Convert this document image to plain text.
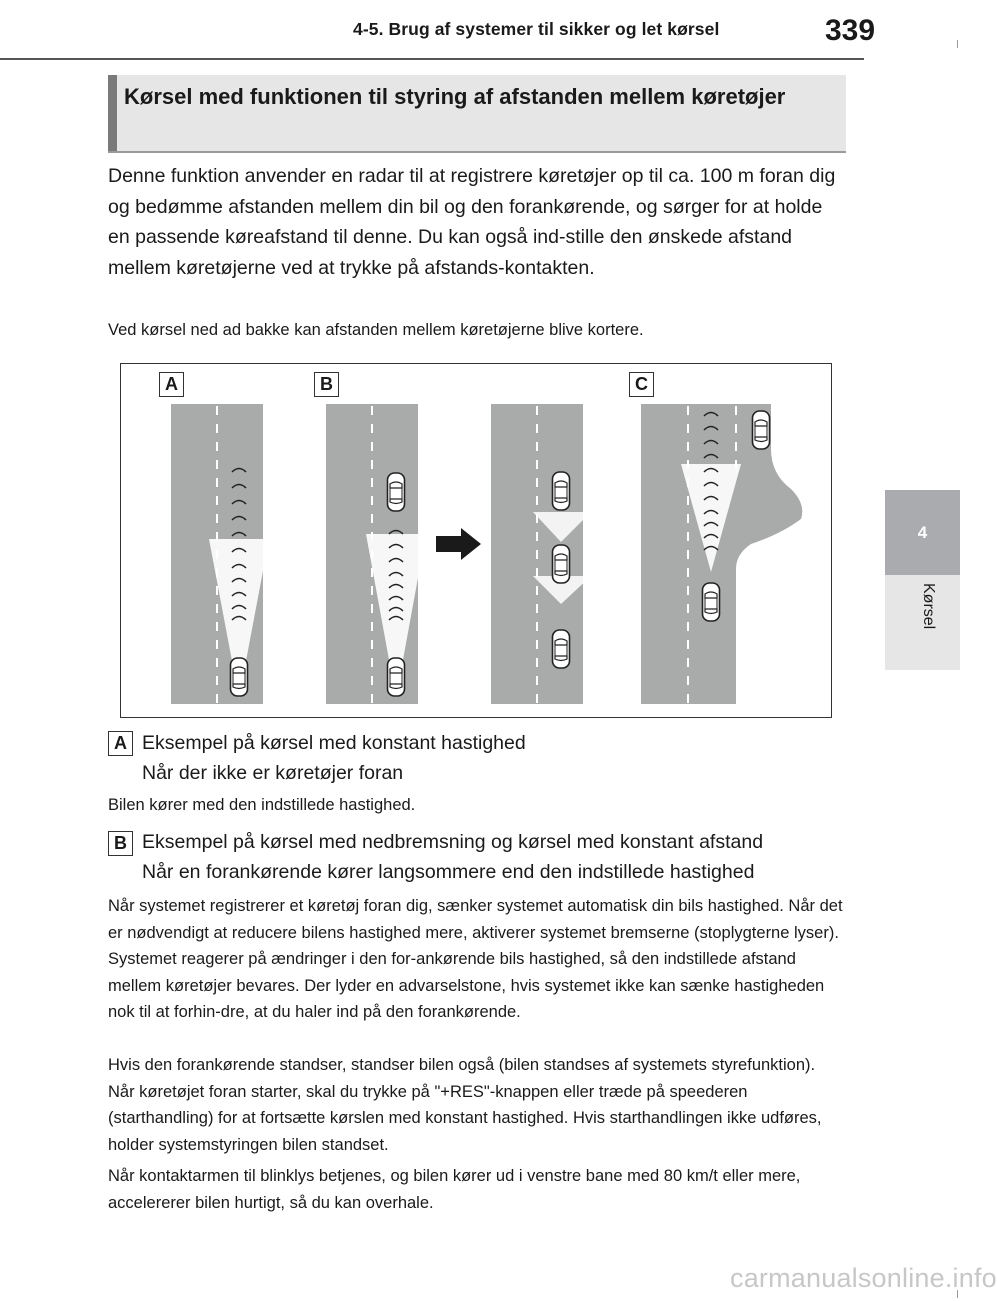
4-5. Brug af systemer til sikker og let kørsel	339
4
Kørsel
Kørsel med funktionen til styring af afstanden mellem køretøjer
Denne funktion anvender en radar til at registrere køretøjer op til ca. 100 m foran dig og bedømme afstanden mellem din bil og den forankørende, og sørger for at holde en passende køreafstand til denne. Du kan også ind-stille den ønskede afstand mellem køretøjerne ved at trykke på afstands-kontakten.
Ved kørsel ned ad bakke kan afstanden mellem køretøjerne blive kortere.
A	B	C
A Eksempel på kørsel med konstant hastighed
Når der ikke er køretøjer foran
Bilen kører med den indstillede hastighed.
B Eksempel på kørsel med nedbremsning og kørsel med konstant afstand
Når en forankørende kører langsommere end den indstillede hastighed
Når systemet registrerer et køretøj foran dig, sænker systemet automatisk din bils hastighed. Når det er nødvendigt at reducere bilens hastighed mere, aktiverer systemet bremserne (stoplygterne lyser). Systemet reagerer på ændringer i den for-ankørende bils hastighed, så den indstillede afstand mellem køretøjer bevares. Der lyder en advarselstone, hvis systemet ikke kan sænke hastigheden nok til at forhin-dre, at du haler ind på den forankørende.
Hvis den forankørende standser, standser bilen også (bilen standses af systemets styrefunktion). Når køretøjet foran starter, skal du trykke på "+RES"-knappen eller træde på speederen (starthandling) for at fortsætte kørslen med konstant hastighed. Hvis starthandlingen ikke udføres, holder systemstyringen bilen standset.
Når kontaktarmen til blinklys betjenes, og bilen kører ud i venstre bane med 80 km/t eller mere, accelererer bilen hurtigt, så du kan overhale.
carmanualsonline.info
